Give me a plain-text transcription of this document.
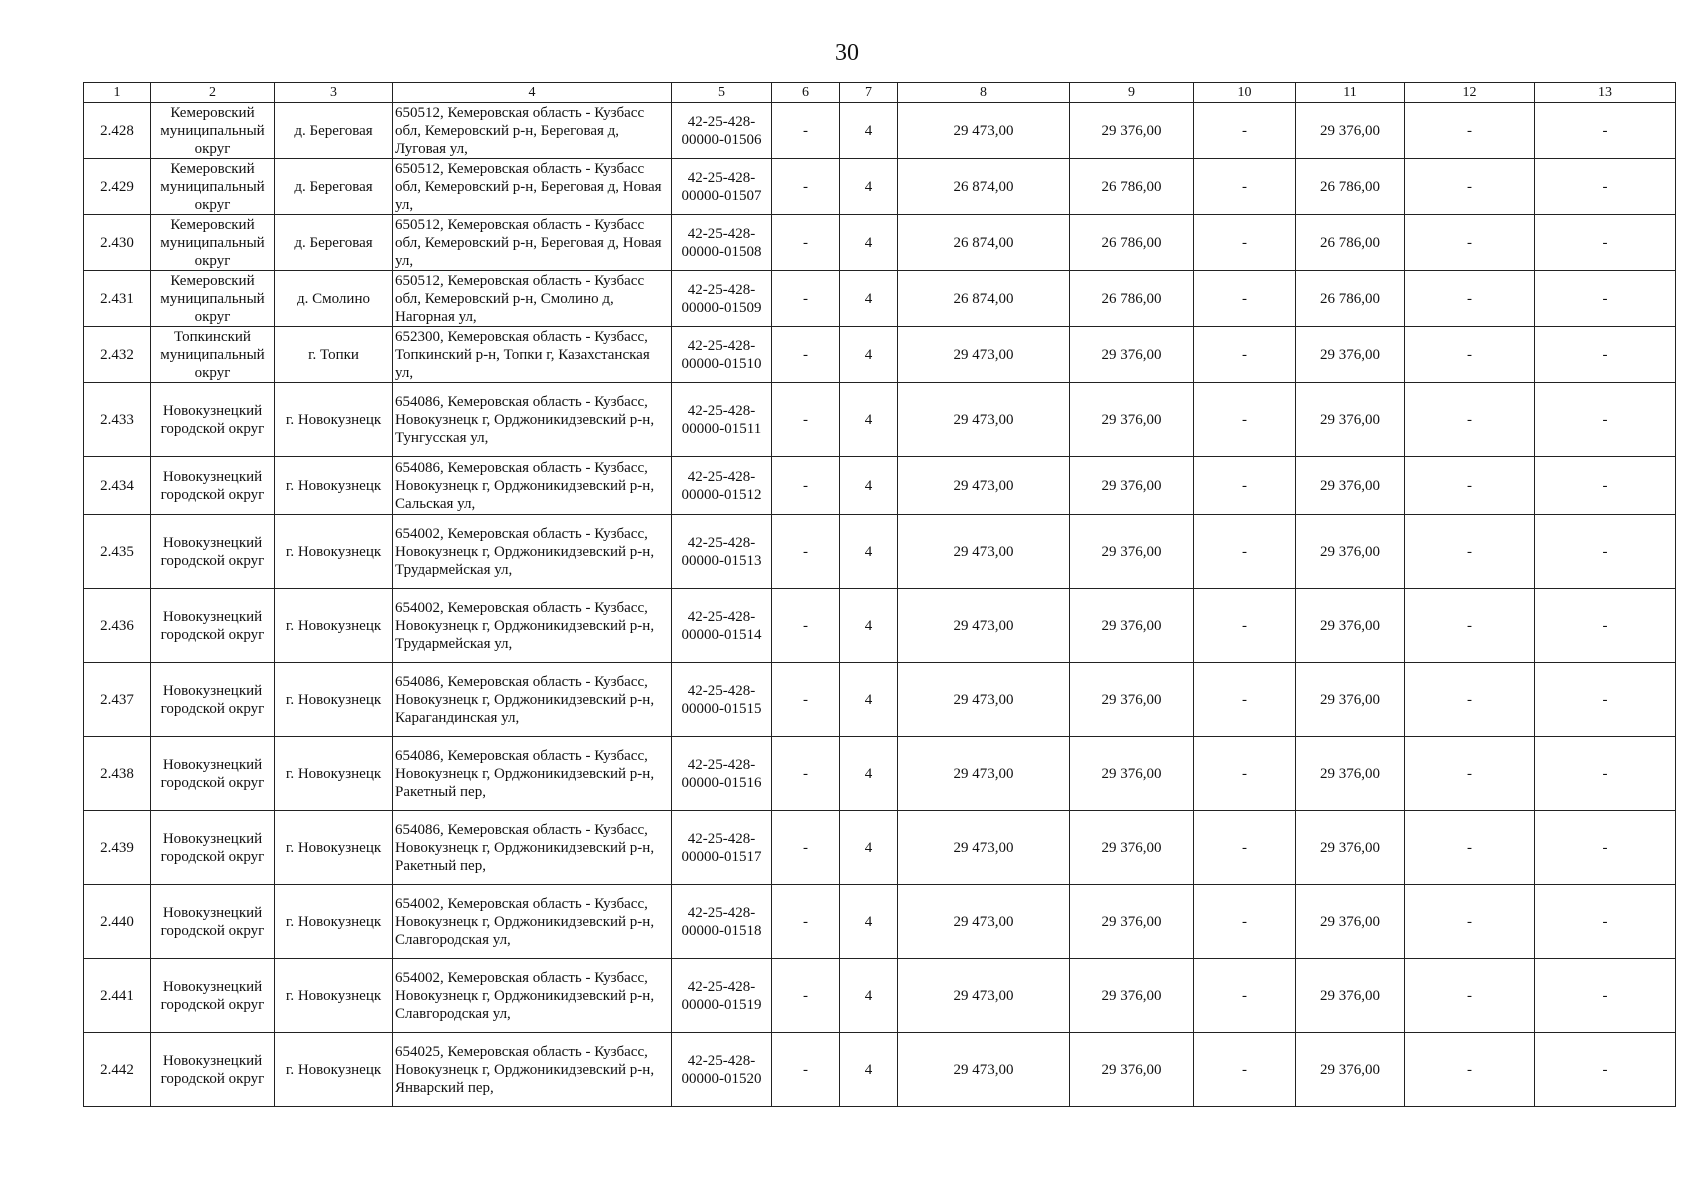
30
1	2	3	4	5	6	7	8	9	10	11	12	13
2.428	Кемеровский муниципальный округ	д. Береговая	650512, Кемеровская область - Кузбасс обл, Кемеровский р-н, Береговая д, Луговая ул,	42-25-428-00000-01506	-	4	29 473,00	29 376,00	-	29 376,00	-	-
2.429	Кемеровский муниципальный округ	д. Береговая	650512, Кемеровская область - Кузбасс обл, Кемеровский р-н, Береговая д, Новая ул,	42-25-428-00000-01507	-	4	26 874,00	26 786,00	-	26 786,00	-	-
2.430	Кемеровский муниципальный округ	д. Береговая	650512, Кемеровская область - Кузбасс обл, Кемеровский р-н, Береговая д, Новая ул,	42-25-428-00000-01508	-	4	26 874,00	26 786,00	-	26 786,00	-	-
2.431	Кемеровский муниципальный округ	д. Смолино	650512, Кемеровская область - Кузбасс обл, Кемеровский р-н, Смолино д, Нагорная ул,	42-25-428-00000-01509	-	4	26 874,00	26 786,00	-	26 786,00	-	-
2.432	Топкинский муниципальный округ	г. Топки	652300, Кемеровская область - Кузбасс, Топкинский р-н, Топки г, Казахстанская ул,	42-25-428-00000-01510	-	4	29 473,00	29 376,00	-	29 376,00	-	-
2.433	Новокузнецкий городской округ	г. Новокузнецк	654086, Кемеровская область - Кузбасс, Новокузнецк г, Орджоникидзевский р-н, Тунгусская ул,	42-25-428-00000-01511	-	4	29 473,00	29 376,00	-	29 376,00	-	-
2.434	Новокузнецкий городской округ	г. Новокузнецк	654086, Кемеровская область - Кузбасс, Новокузнецк г, Орджоникидзевский р-н, Сальская ул,	42-25-428-00000-01512	-	4	29 473,00	29 376,00	-	29 376,00	-	-
2.435	Новокузнецкий городской округ	г. Новокузнецк	654002, Кемеровская область - Кузбасс, Новокузнецк г, Орджоникидзевский р-н, Трудармейская ул,	42-25-428-00000-01513	-	4	29 473,00	29 376,00	-	29 376,00	-	-
2.436	Новокузнецкий городской округ	г. Новокузнецк	654002, Кемеровская область - Кузбасс, Новокузнецк г, Орджоникидзевский р-н, Трудармейская ул,	42-25-428-00000-01514	-	4	29 473,00	29 376,00	-	29 376,00	-	-
2.437	Новокузнецкий городской округ	г. Новокузнецк	654086, Кемеровская область - Кузбасс, Новокузнецк г, Орджоникидзевский р-н, Карагандинская ул,	42-25-428-00000-01515	-	4	29 473,00	29 376,00	-	29 376,00	-	-
2.438	Новокузнецкий городской округ	г. Новокузнецк	654086, Кемеровская область - Кузбасс, Новокузнецк г, Орджоникидзевский р-н, Ракетный пер,	42-25-428-00000-01516	-	4	29 473,00	29 376,00	-	29 376,00	-	-
2.439	Новокузнецкий городской округ	г. Новокузнецк	654086, Кемеровская область - Кузбасс, Новокузнецк г, Орджоникидзевский р-н, Ракетный пер,	42-25-428-00000-01517	-	4	29 473,00	29 376,00	-	29 376,00	-	-
2.440	Новокузнецкий городской округ	г. Новокузнецк	654002, Кемеровская область - Кузбасс, Новокузнецк г, Орджоникидзевский р-н, Славгородская ул,	42-25-428-00000-01518	-	4	29 473,00	29 376,00	-	29 376,00	-	-
2.441	Новокузнецкий городской округ	г. Новокузнецк	654002, Кемеровская область - Кузбасс, Новокузнецк г, Орджоникидзевский р-н, Славгородская ул,	42-25-428-00000-01519	-	4	29 473,00	29 376,00	-	29 376,00	-	-
2.442	Новокузнецкий городской округ	г. Новокузнецк	654025, Кемеровская область - Кузбасс, Новокузнецк г, Орджоникидзевский р-н, Январский пер,	42-25-428-00000-01520	-	4	29 473,00	29 376,00	-	29 376,00	-	-
